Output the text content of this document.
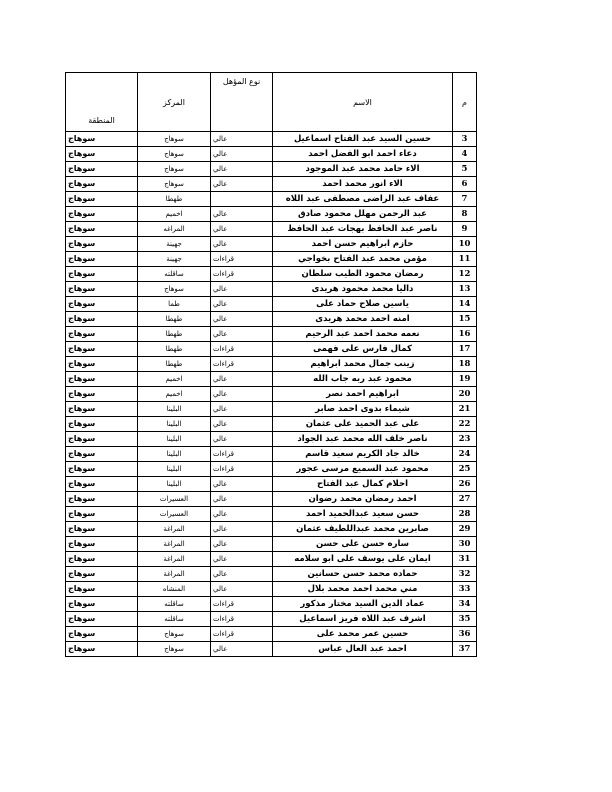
م	الاسم	نوع المؤهل	المركز	المنطقة
3	حسين السيد عبد الفتاح اسماعيل	عالي	سوهاج	سوهاج
4	دعاء احمد ابو الفضل احمد	عالي	سوهاج	سوهاج
5	الاء حامد محمد عبد الموجود	عالي	سوهاج	سوهاج
6	الاء انور محمد احمد	عالي	سوهاج	سوهاج
7	عفاف عبد الراضى مصطفى عبد اللاه		طهطا	سوهاج
8	عبد الرحمن مهلل محمود صادق	عالي	اخميم	سوهاج
9	ناصر عبد الحافظ بهجات عبد الحافظ	عالي	المراغه	سوهاج
10	حازم ابراهيم حسن احمد	عالي	جهينة	سوهاج
11	مؤمن محمد عبد الفتاح بخواجي	قراءات	جهينة	سوهاج
12	رمضان محمود الطيب سلطان	قراءات	ساقلته	سوهاج
13	داليا محمد محمود هريدى	عالي	سوهاج	سوهاج
14	ياسين صلاح حماد على	عالي	طما	سوهاج
15	امنه احمد محمد هريدى	عالي	طهطا	سوهاج
16	نعمه محمد احمد عبد الرحيم	عالي	طهطا	سوهاج
17	كمال فارس على فهمى	قراءات	طهطا	سوهاج
18	زينب جمال محمد ابراهيم	قراءات	طهطا	سوهاج
19	محمود عبد ربه جاب الله	عالي	اخميم	سوهاج
20	ابراهيم احمد نصر	عالي	اخميم	سوهاج
21	شيماء بدوى احمد صابر	عالي	البلينا	سوهاج
22	على عبد الحميد على عثمان	عالي	البلينا	سوهاج
23	ناصر خلف الله محمد عبد الجواد	عالي	البلينا	سوهاج
24	خالد جاد الكريم سعيد قاسم	قراءات	البلينا	سوهاج
25	محمود عبد السميع مرسى عجور	قراءات	البلينا	سوهاج
26	احلام كمال عبد الفتاح	عالي	البلينا	سوهاج
27	احمد رمضان محمد رضوان	عالي	العسيرات	سوهاج
28	حسن سعيد عبدالحميد احمد	عالي	العسيرات	سوهاج
29	صابرين محمد عبداللطيف عثمان	عالي	المراغة	سوهاج
30	ساره حسن على حسن	عالي	المراغة	سوهاج
31	ايمان على يوسف على ابو سلامه	عالي	المراغة	سوهاج
32	حماده محمد حسن حسانين	عالي	المراغة	سوهاج
33	مني محمد احمد محمد بلال	عالي	المنشاه	سوهاج
34	عماد الدين السيد مختار مذكور	قراءات	ساقلته	سوهاج
35	اشرف عبد اللاه فريز اسماعيل	قراءات	ساقلته	سوهاج
36	حسين عمر محمد على	قراءات	سوهاج	سوهاج
37	احمد عبد العال عباس	عالي	سوهاج	سوهاج
